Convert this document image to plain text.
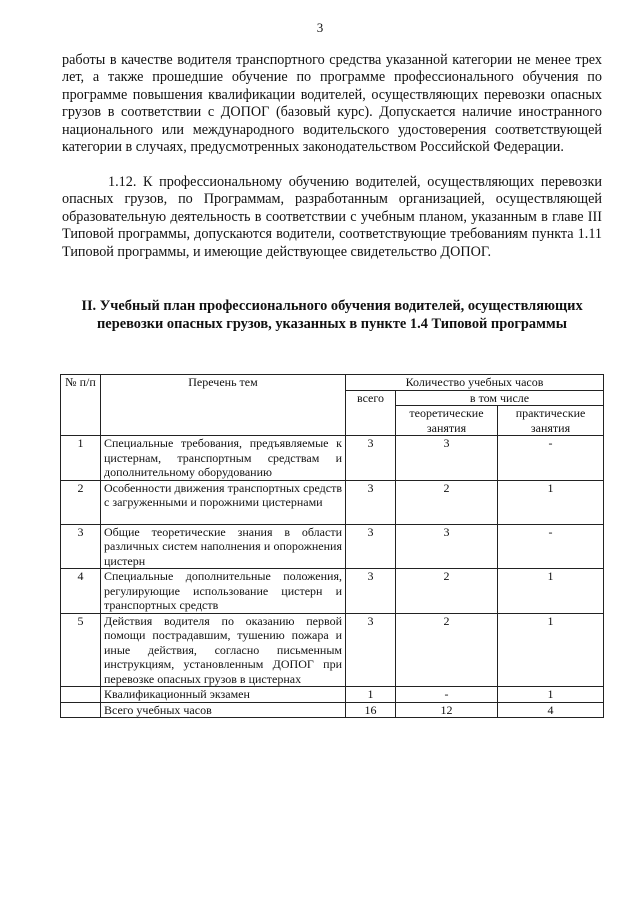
3

работы в качестве водителя транспортного средства указанной категории не менее трех лет, а также прошедшие обучение по программе профессионального обучения по программе повышения квалификации водителей, осуществляющих перевозки опасных грузов в соответствии с ДОПОГ (базовый курс). Допускается наличие иностранного национального или международного водительского удостоверения соответствующей категории в случаях, предусмотренных законодательством Российской Федерации.

1.12. К профессиональному обучению водителей, осуществляющих перевозки опасных грузов, по Программам, разработанным организацией, осуществляющей образовательную деятельность в соответствии с учебным планом, указанным в главе III Типовой программы, допускаются водители, соответствующие требованиям пункта 1.11 Типовой программы, и имеющие действующее свидетельство ДОПОГ.

II. Учебный план профессионального обучения водителей, осуществляющих перевозки опасных грузов, указанных в пункте 1.4 Типовой программы
№ п/п	Перечень тем	Количество учебных часов		
		всего	в том числе	
			теоретические занятия	практические занятия
1	Специальные требования, предъявляемые к цистернам, транспортным средствам и дополнительному оборудованию	3	3	-
2	Особенности движения транспортных средств с загруженными и порожними цистернами	3	2	1
3	Общие теоретические знания в области различных систем наполнения и опорожнения цистерн	3	3	-
4	Специальные дополнительные положения, регулирующие использование цистерн и транспортных средств	3	2	1
5	Действия водителя по оказанию первой помощи пострадавшим, тушению пожара и иные действия, согласно письменным инструкциям, установленным ДОПОГ при перевозке опасных грузов в цистернах	3	2	1
	Квалификационный экзамен	1	-	1
	Всего учебных часов	16	12	4
